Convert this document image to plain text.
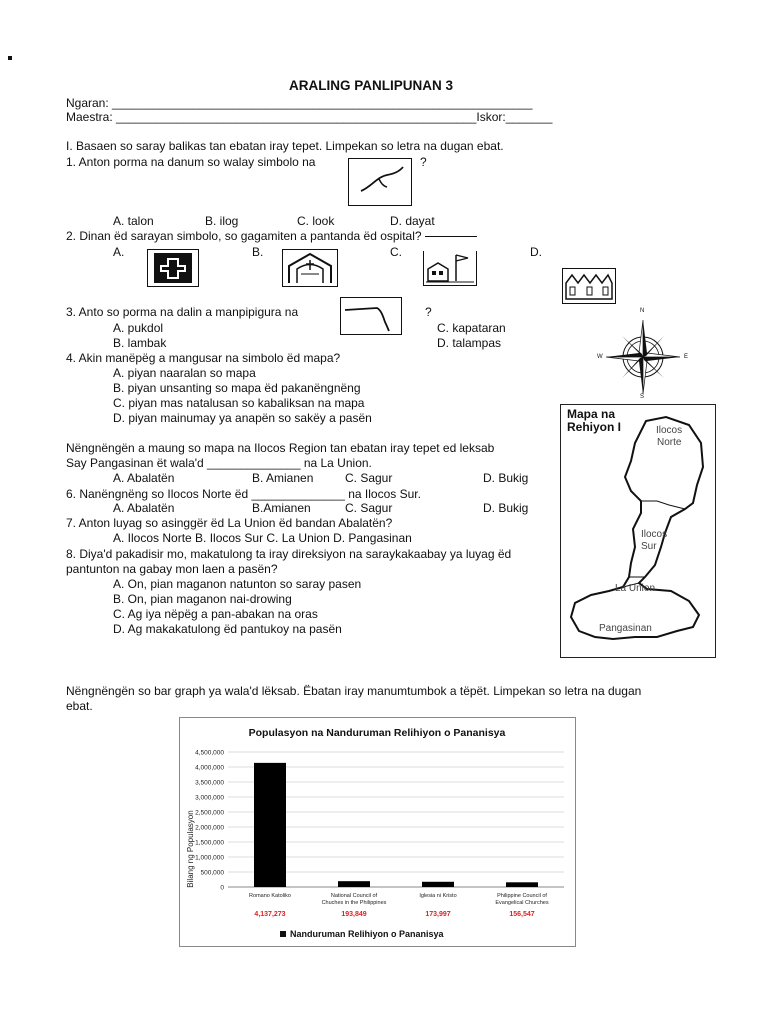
ARALING PANLIPUNAN 3
Ngaran: _______________________________________________________________
Maestra: ______________________________________________________Iskor:_______
I. Basaen so saray balikas tan ebatan iray tepet. Limpekan so letra na dugan ebat.
1. Anton porma na danum so walay simbolo na	?
A. talon	B. ilog	C. look	D. dayat
2. Dinan ëd sarayan simbolo, so gagamiten a pantanda ëd ospital?
A.	B.	C.	D.
3. Anto so porma na dalin a manpipigura na	?
A. pukdol
B. lambak
C. kapataran
D. talampas
4. Akin manëpëg a mangusar na simbolo ëd mapa?
A. piyan naaralan so mapa
B. piyan unsanting so mapa ëd pakanëngnëng
C. piyan mas natalusan so kabaliksan na mapa
D. piyan mainumay ya anapën so sakëy a pasën
N
S
E
W
Nëngnëngën a maung so mapa na Ilocos Region tan ebatan iray tepet ed leksab
Say Pangasinan ët wala'd ______________ na La Union.
A. Abalatën	B. Amianen	C. Sagur	D. Bukig
6. Nanëngnëng so Ilocos Norte ëd ______________ na Ilocos Sur.
A. Abalatën	B.Amianen	C. Sagur	D. Bukig
7. Anton luyag so asinggër ëd La Union ëd bandan Abalatën?
A. Ilocos Norte B. Ilocos Sur C. La Union D. Pangasinan
8. Diya'd pakadisir mo, makatulong ta iray direksiyon na saraykakaabay ya luyag ëd
pantunton na gabay mon laen a pasën?
A. On, pian maganon natunton so saray pasen
B. On, pian maganon nai-drowing
C. Ag iya nëpëg a pan-abakan na oras
D. Ag makakatulong ëd pantukoy na pasën
Mapa na
Rehiyon I	Ilocos
Norte
Ilocos
Sur
La Union
Pangasinan
Nëngnëngën so bar graph ya wala'd lëksab. Ëbatan iray manumtumbok a tëpët. Limpekan so letra na dugan
ebat.
Populasyon na Nanduruman Relihiyon o Pananisya
4,500,000
4,000,000
3,500,000
3,000,000
2,500,000
2,000,000
1,500,000
1,000,000
500,000
0
Bilang ng Populasyon
Romano Katoliko
4,137,273
National Council of
Chuches in the Philippines
193,849
Iglesia ni Kristo
173,997
Philippine Council of
Evangelical Churches
156,547
Nanduruman Relihiyon o Pananisya
